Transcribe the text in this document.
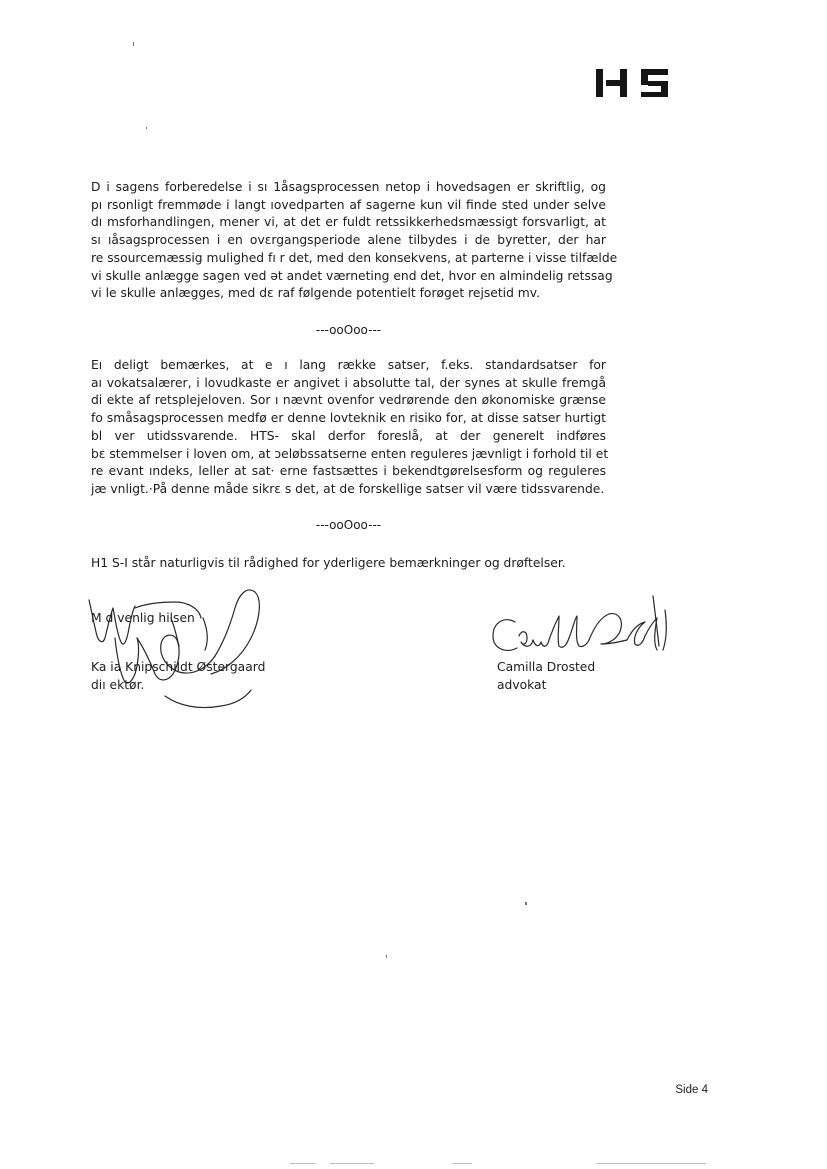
D i sagens forberedelse i sı 1åsagsprocessen netop i hovedsagen er skriftlig, og
pı rsonligt fremmøde i langt ıovedparten af sagerne kun vil finde sted under selve
dı msforhandlingen, mener vi, at det er fuldt retssikkerhedsmæssigt forsvarligt, at
sı ıåsagsprocessen i en ovεrgangsperiode alene tilbydes i de byretter, der har
re ssourcemæssig mulighed fı r det, med den konsekvens, at parterne i visse tilfælde
vi skulle anlægge sagen ved ət andet værneting end det, hvor en almindelig retssag
vi le skulle anlægges, med dε raf følgende potentielt forøget rejsetid mv.
---ooOoo---
Eı deligt bemærkes, at e ı lang række satser, f.eks. standardsatser for
aı vokatsalærer, i lovudkaste er angivet i absolutte tal, der synes at skulle fremgå
di ekte af retsplejeloven. Sor ı nævnt ovenfor vedrørende den økonomiske grænse
fo småsagsprocessen medfø er denne lovteknik en risiko for, at disse satser hurtigt
bl ver utidssvarende. HTS- skal derfor foreslå, at der generelt indføres
bε stemmelser i loven om, at ɔeløbssatserne enten reguleres jævnligt i forhold til et
re evant ındeks, leller at sat· erne fastsættes i bekendtgørelsesform og reguleres
jæ vnligt.·På denne måde sikrε s det, at de forskellige satser vil være tidssvarende.
---ooOoo---
H1 S-I står naturligvis til rådighed for yderligere bemærkninger og drøftelser.
M d venlig hilsen
Ka ia Knipschildt Østergaard
diı ektør.
Camilla Drosted
advokat
Side 4
